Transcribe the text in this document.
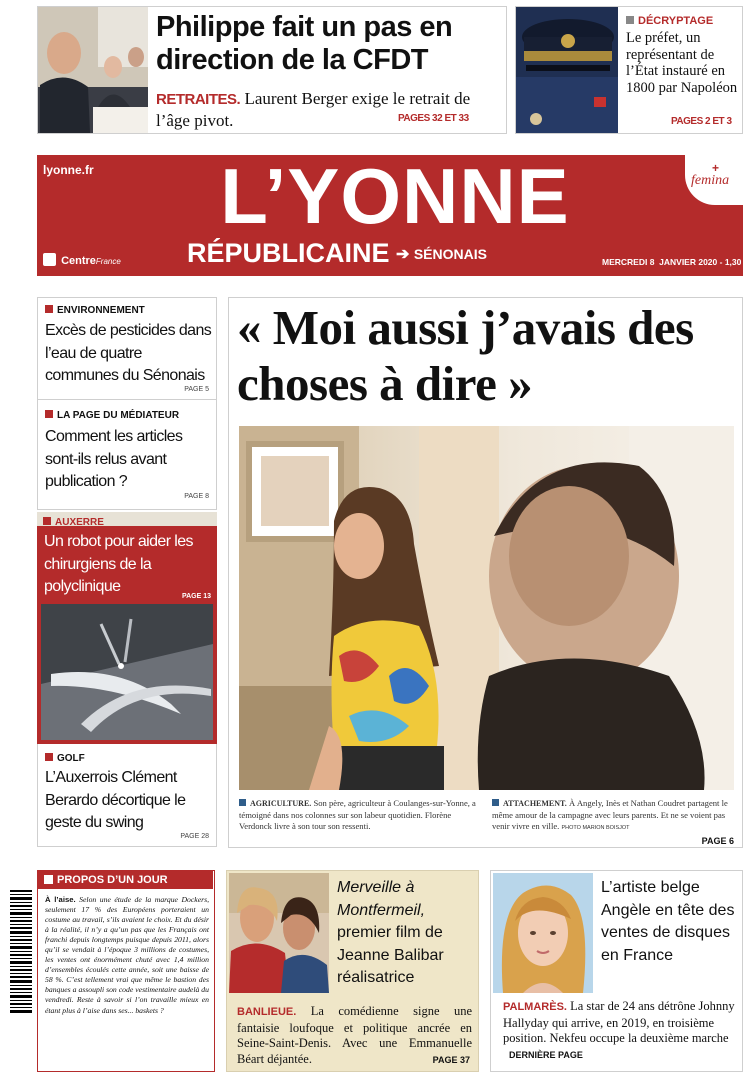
Philippe fait un pas en direction de la CFDT
RETRAITES. Laurent Berger exige le retrait de l’âge pivot.	PAGES 32 ET 33
DÉCRYPTAGE
Le préfet, un représentant de l’État instauré en 1800 par Napoléon
PAGES 2 ET 3
lyonne.fr	L’YONNE
RÉPUBLICAINE ➔ SÉNONAIS
CentreFrance	MERCREDI 8  JANVIER 2020 - 1,30 €
+
femina
ENVIRONNEMENT
Excès de pesticides dans l’eau de quatre communes du Sénonais
PAGE 5
LA PAGE DU MÉDIATEUR
Comment les articles sont-ils relus avant publication ?
PAGE 8
AUXERRE
Un robot pour aider les chirurgiens de la polyclinique
PAGE 13
GOLF
L’Auxerrois Clément Berardo décortique le geste du swing
PAGE 28
« Moi aussi j’avais des choses à dire »
AGRICULTURE. Son père, agriculteur à Coulanges-sur-Yonne, a témoigné dans nos colonnes sur son labeur quotidien. Florène Verdonck livre à son tour son ressenti.
ATTACHEMENT. À Angely, Inès et Nathan Coudret partagent le même amour de la campagne avec leurs parents. Et ne se voient pas venir vivre en ville. PHOTO MARION BOISJOT
PAGE 6
PROPOS D’UN JOUR
À l’aise. Selon une étude de la marque Dockers, seulement 17 % des Européens porteraient un costume au travail, s’ils avaient le choix. Et du désir à la réalité, il n’y a qu’un pas que les Français ont franchi depuis longtemps puisque depuis 2011, alors qu’il se vendait à l’époque 3 millions de costumes, les ventes ont énormément chuté avec 1,4 million d’ensembles écoulés cette année, soit une baisse de 58 %. C’est tellement vrai que même le bastion des banques a assoupli son code vestimentaire audelà du vendredi. Reste à savoir si l’on travaille mieux en étant plus à l’aise dans ses... baskets ?
Merveille à Montfermeil,
premier film de Jeanne Balibar réalisatrice
BANLIEUE. La comédienne signe une fantaisie loufoque et politique ancrée en Seine-Saint-Denis. Avec une Emmanuelle Béart déjantée.	PAGE 37
L’artiste belge Angèle en tête des ventes de disques en France
PALMARÈS. La star de 24 ans détrône Johnny Hallyday qui arrive, en 2019, en troisième position. Nekfeu occupe la deuxième marche DERNIÈRE PAGE
